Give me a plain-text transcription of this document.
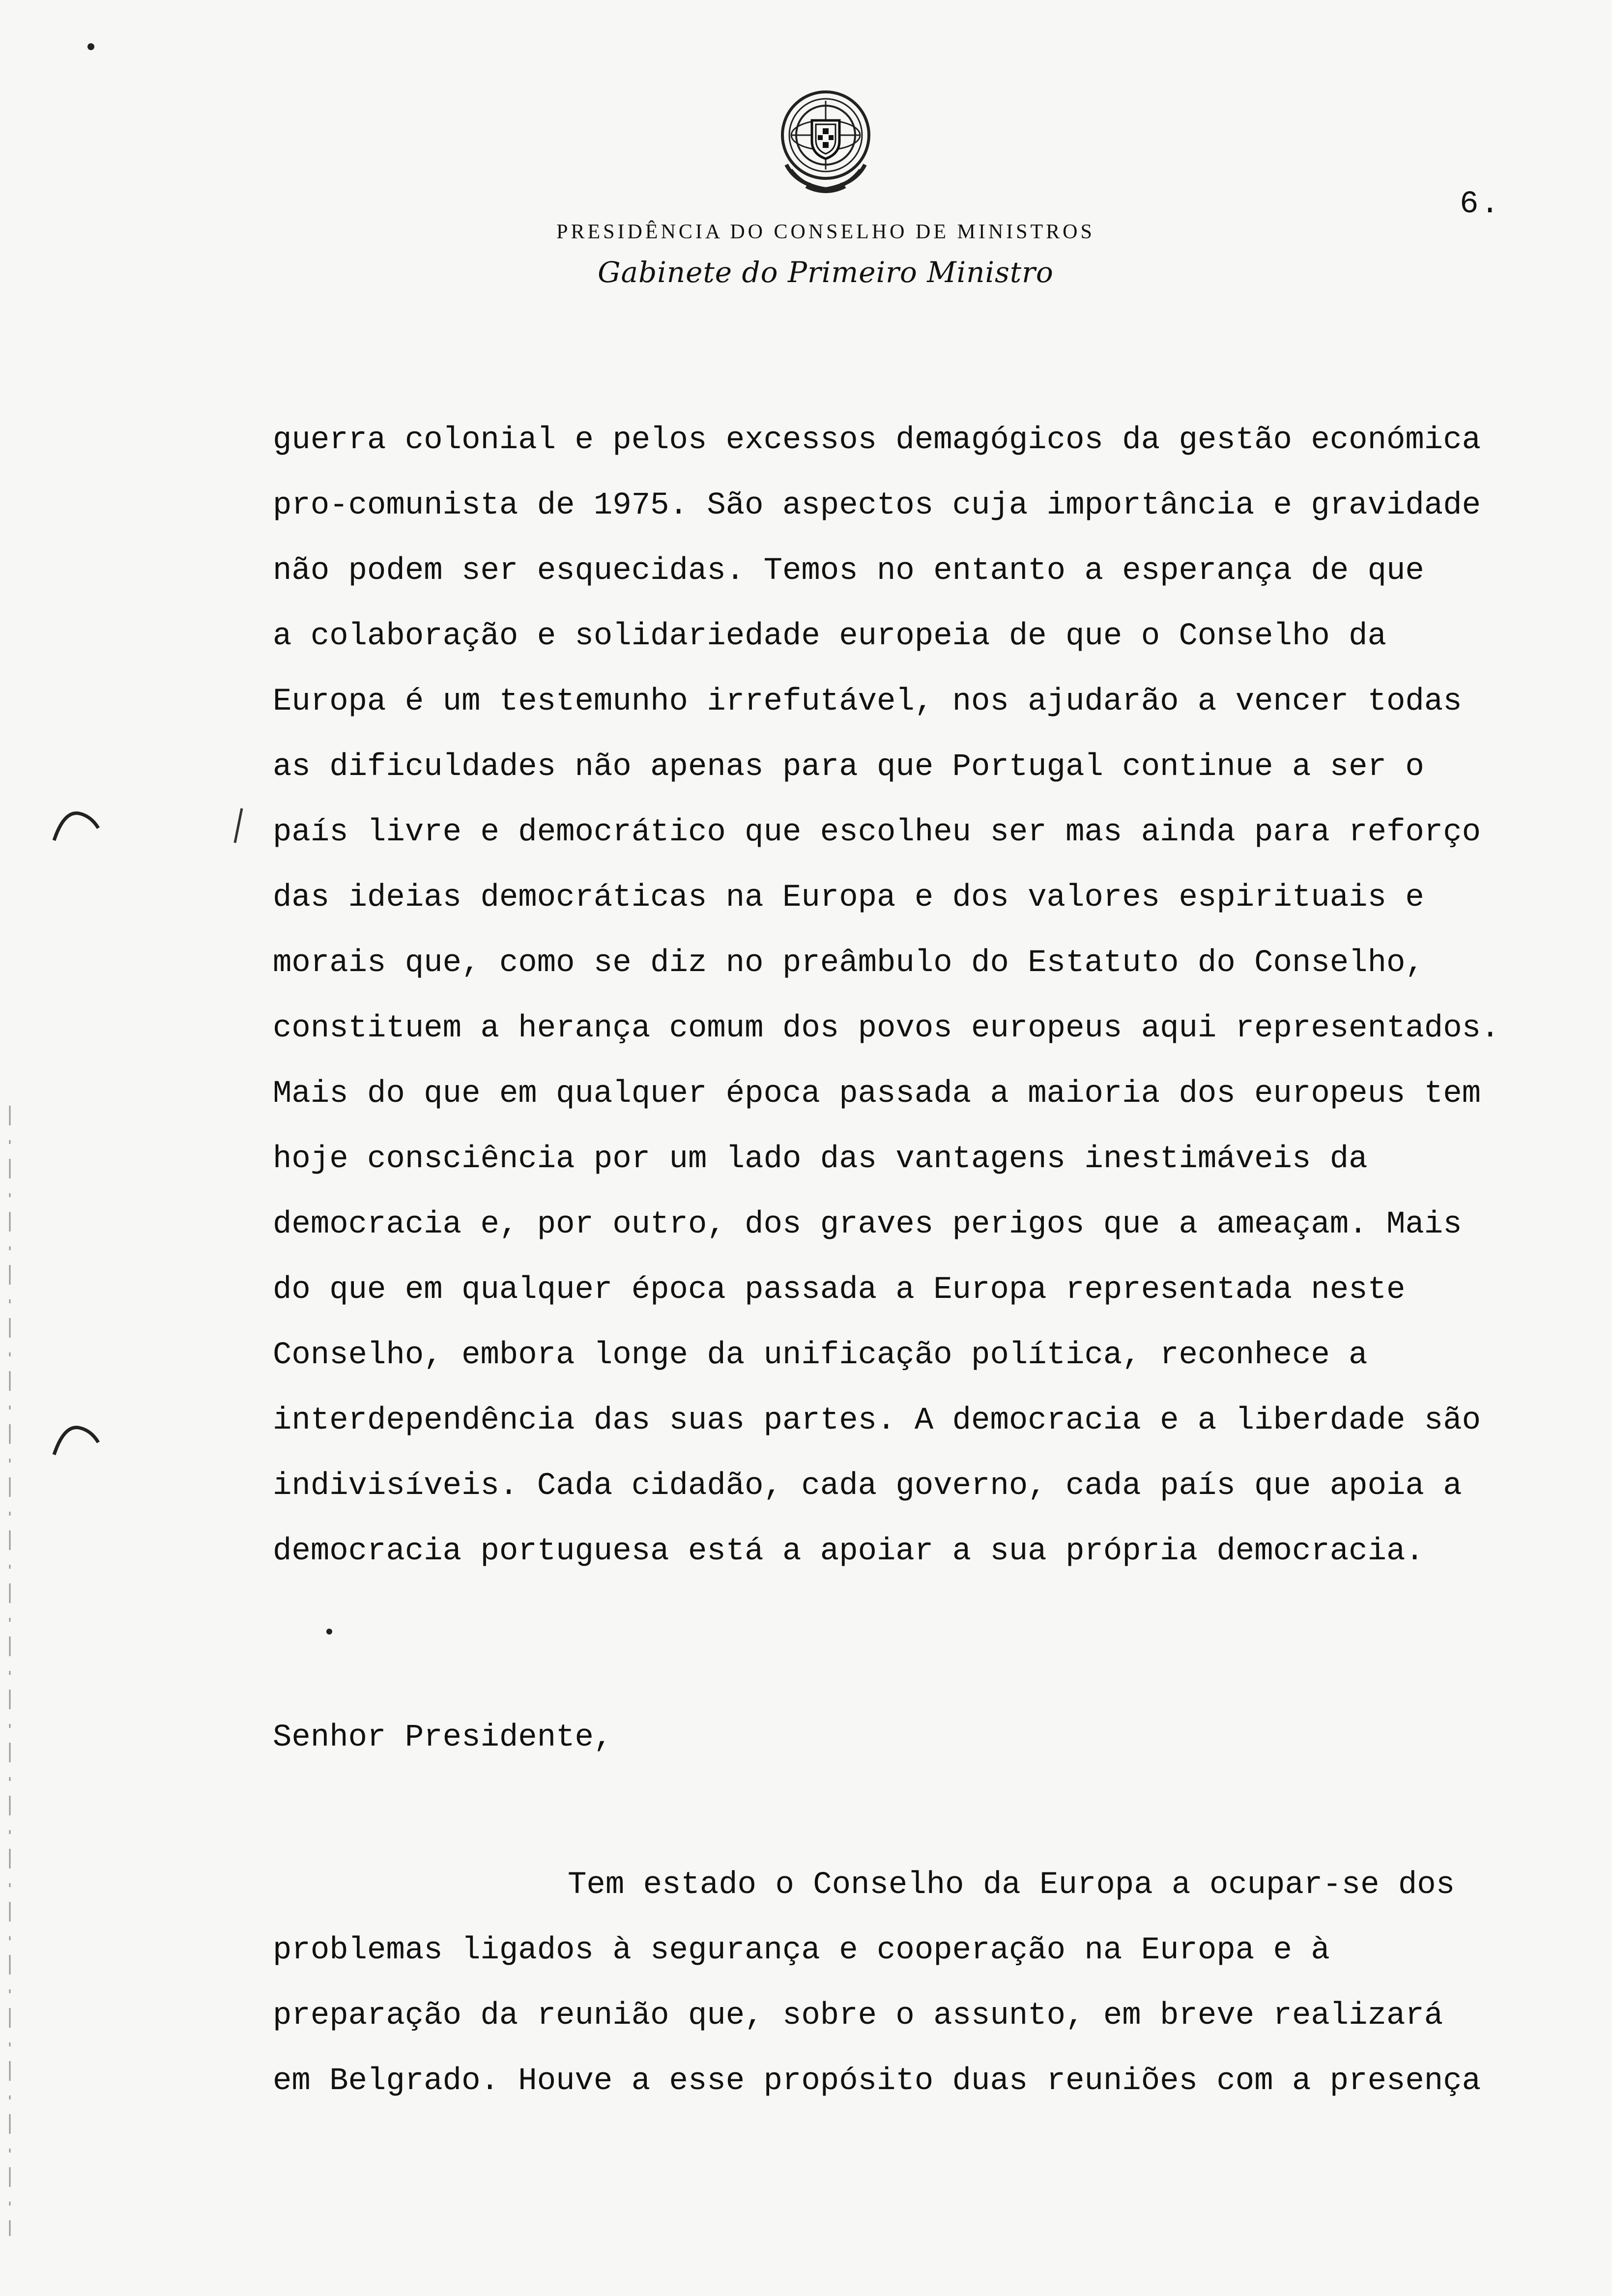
6.
PRESIDÊNCIA DO CONSELHO DE MINISTROS
Gabinete do Primeiro Ministro
guerra colonial e pelos excessos demagógicos da gestão económica
pro-comunista de 1975. São aspectos cuja importância e gravidade
não podem ser esquecidas. Temos no entanto a esperança de que
a colaboração e solidariedade europeia de que o Conselho da
Europa é um testemunho irrefutável, nos ajudarão a vencer todas
as dificuldades não apenas para que Portugal continue a ser o
país livre e democrático que escolheu ser mas ainda para reforço
das ideias democráticas na Europa e dos valores espirituais e
morais que, como se diz no preâmbulo do Estatuto do Conselho,
constituem a herança comum dos povos europeus aqui representados.
Mais do que em qualquer época passada a maioria dos europeus tem
hoje consciência por um lado das vantagens inestimáveis da
democracia e, por outro, dos graves perigos que a ameaçam. Mais
do que em qualquer época passada a Europa representada neste
Conselho, embora longe da unificação política, reconhece a
interdependência das suas partes. A democracia e a liberdade são
indivisíveis. Cada cidadão, cada governo, cada país que apoia a
democracia portuguesa está a apoiar a sua própria democracia.
Senhor Presidente,
Tem estado o Conselho da Europa a ocupar-se dos
problemas ligados à segurança e cooperação na Europa e à
preparação da reunião que, sobre o assunto, em breve realizará
em Belgrado. Houve a esse propósito duas reuniões com a presença
